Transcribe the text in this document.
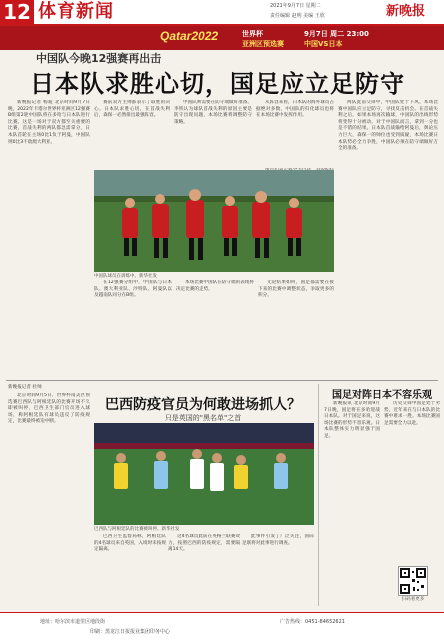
12 体育新闻	2021年9月7日 星期二
责任编辑 赵明 美编 王欣	新晚报
Qatar2022	世界杯
亚洲区预选赛
9月7日 周二 23:00
中国VS日本
中国队今晚12强赛再出击
日本队求胜心切，国足应立足防守

新晚报记者 杨迪 北京时间9月7日晚，2022年卡塔尔世界杯亚洲区12强赛B组第2轮中国队将在多哈与日本队进行比赛。这是一场对于双方都至关重要的比赛，首战失利的两队都急需拿分，日本队首轮在主场0比1负于阿曼，中国队则0比3不敌澳大利亚。

赛前双方主帅都表示了取胜的决心。日本队求胜心切，在首战失利后，森保一必然排出最强阵容。

中国队则需要在防守端做好准备。李铁认为球队首战失利的原因主要是防守出现问题，本场比赛将调整防守策略。

从阵容来看，日本队的海外球员占据绝对多数，中国队的归化球员也将在本场比赛中发挥作用。

两队此前交锋中，中国队处于下风。本场比赛中国队应立足防守，寻找反击机会。在首战失利之后，如果本场再次输球，中国队的出线形势将变得十分被动。对于中国队而言，拿到一分也是不错的结果。日本队首战输给阿曼后，舆论压力巨大，森保一的帅位也受到质疑，本场比赛日本队势必全力争胜，中国队必须在防守端做好万全的准备。

中国队球员在训练中。新华社发

在12强赛分组中，中国队与日本队、澳大利亚队、沙特队、阿曼队以及越南队同分在B组。

本场比赛中国队在防守端的表现将决定比赛的走势。

无论结果如何，国足都需要在接下来的比赛中调整状态，争取更多的积分。

新晚报记者 杜帅

北京时间9月5日，世界杯南美区预选赛巴西队与阿根廷队的比赛开场不久即被叫停，巴西卫生部门官员进入球场，称阿根廷队有球员违反了防疫规定，比赛最终被迫中断。

巴西防疫官员为何敢进场抓人？
只是英国的"黑名单"之首
巴西队与阿根廷队的比赛被叫停。新华社发

巴西卫生监督局称，阿根廷队的4名球员来自英国，入境时未按规定隔离。

这4名球员此前在英格兰联赛效力，按照巴西的防疫规定，需要隔离14天。

此事件引发了广泛关注，国际足联将对此事进行调查。

国足对阵日本不容乐观

新晚报讯 北京时间9月7日晚，国足将在多哈迎战日本队。对于国足来说，这场比赛的形势不容乐观。日本队整体实力明显强于国足。

历史交锋中国足处于劣势，近年来在与日本队的比赛中难求一胜。本场比赛国足需要全力以赴。

扫码看更多
地址：哈尔滨市道里区地段街	广告热线：0451-84652621
印刷：黑龙江日报报业集团印务中心
